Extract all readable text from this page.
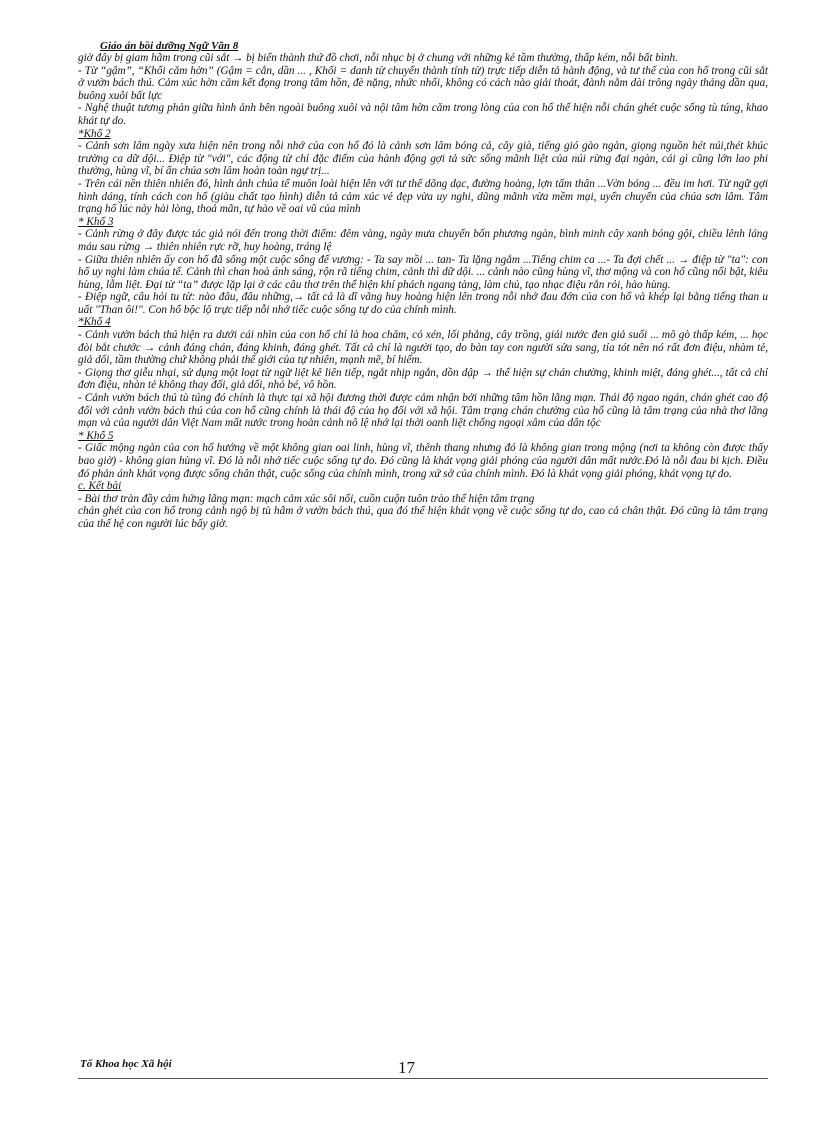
Giáo án bồi dưỡng Ngữ Văn 8

giờ đây bị giam hãm trong cũi sắt → bị biến thành thứ đồ chơi, nỗi nhục bị ở chung với những kẻ tầm thường, thấp kém, nỗi bất bình.

- Từ “gậm”, “Khối căm hờn” (Gậm = cắn, dần ... , Khối = danh từ chuyển thành tính từ) trực tiếp diễn tả hành động, và tư thế của con hổ trong cũi sắt ở vườn bách thú. Cảm xúc hờn căm kết đọng trong tâm hồn, đè nặng, nhức nhối, không có cách nào giải thoát, đành nằm dài trông ngày tháng dần qua, buông xuôi bất lực

- Nghệ thuật tương phản giữa hình ảnh bên ngoài buông xuôi và nội tâm hờn căm trong lòng của con hổ thể hiện nỗi chán ghét cuộc sống tù túng, khao khát tự do.

*Khổ 2

- Cảnh sơn lâm ngày xưa hiện nên trong nỗi nhớ của con hổ đó là cảnh sơn lâm bóng cả, cây già, tiếng gió gào ngàn, giọng nguồn hét núi,thét khúc trường ca dữ dội... Điệp từ "với", các động từ chỉ đặc điểm của hành động gợi tả sức sống mãnh liệt của núi rừng đại ngàn, cái gì cũng lớn lao phi thường, hùng vĩ, bí ẩn chúa sơn lâm hoàn toàn ngự trị...

- Trên cái nền thiên nhiên đó, hình ảnh chúa tể muôn loài hiện lên với tư thế dõng dạc, đường hoàng, lợn tấm thân ...Vờn bóng ... đều im hơi. Từ ngữ gợi hình dáng, tính cách con hổ (giàu chất tạo hình) diễn tả cảm xúc vẻ đẹp vừa uy nghi, dũng mãnh vừa mềm mại, uyển chuyển của chúa sơn lâm. Tâm trạng hổ lúc này hài lòng, thoả mãn, tự hào về oai vũ của mình

* Khổ 3

- Cảnh rừng ở đây được tác giả nói đến trong thời điểm: đêm vàng, ngày mưa chuyển bốn phương ngàn, bình minh cây xanh bóng gội, chiều lênh láng máu sau rừng → thiên nhiên rực rỡ, huy hoàng, tráng lệ

- Giữa thiên nhiên ấy con hổ đã sống một cuộc sống đế vương: - Ta say mồi ... tan- Ta lặng ngắm ...Tiếng chim ca ...- Ta đợi chết ... → điệp từ "ta": con hổ uy nghi làm chúa tể. Cảnh thì chan hoà ánh sáng, rộn rã tiếng chim, cảnh thì dữ dội. ... cảnh nào cũng hùng vĩ, thơ mộng và con hổ cũng nổi bật, kiêu hùng, lẫm liệt. Đại từ “ta” được lặp lại ở các câu thơ trên thể hiện khí phách ngang tàng, làm chủ, tạo nhạc điệu rắn rỏi, hào hùng.

- Điệp ngữ, câu hỏi tu từ: nào đâu, đâu những,→ tất cả là dĩ vãng huy hoàng hiện lên trong nỗi nhớ đau đớn của con hổ và khép lại bằng tiếng than u uất "Than ôi!". Con hổ bộc lộ trực tiếp nỗi nhớ tiếc cuộc sống tự do của chính mình.

*Khổ 4

- Cảnh vườn bách thú hiện ra dưới cái nhìn của con hổ chỉ là hoa chăm, cỏ xén, lối phẳng, cây trồng, giải nước đen giả suối ... mô gò thấp kém, ... học đòi bắt chước → cảnh đáng chán, đáng khinh, đáng ghét. Tất cả chỉ là người tạo, do bàn tay con người sửa sang, tỉa tót nên nó rất đơn điệu, nhàm tẻ, giả dối, tầm thường chứ không phải thế giới của tự nhiên, mạnh mẽ, bí hiểm.

- Giọng thơ giễu nhại, sử dụng một loạt từ ngữ liệt kê liên tiếp, ngắt nhịp ngắn, dồn dập → thể hiện sự chán chường, khinh miệt, đáng ghét..., tất cả chỉ đơn điệu, nhàn tẻ không thay đổi, giả dối, nhỏ bé, vô hồn.

- Cảnh vườn bách thú tù túng đó chính là thực tại xã hội đương thời được cảm nhận bởi những tâm hồn lãng mạn. Thái độ ngao ngán, chán ghét cao độ đối với cảnh vườn bách thú của con hổ cũng chính là thái độ của họ đối với xã hội. Tâm trạng chán chường của hổ cũng là tâm trạng của nhà thơ lãng mạn và của người dân Việt Nam mất nước trong hoàn cảnh nô lệ nhớ lại thời oanh liệt chống ngoại xâm của dân tộc

* Khổ 5

- Giấc mộng ngàn của con hổ hướng về một không gian oai linh, hùng vĩ, thênh thang nhưng đó là không gian trong mộng (nơi ta không còn được thấy bao giờ) - không gian hùng vĩ. Đó là nỗi nhớ tiếc cuộc sống tự do. Đó cũng là khát vọng giải phóng của người dân mất nước.Đó là nỗi đau bi kịch. Điều đó phản ánh khát vọng được sống chân thật, cuộc sống của chính mình, trong xứ sở của chính mình. Đó là khát vọng giải phóng, khát vọng tự do.

c. Kết bài

- Bài thơ tràn đầy cảm hứng lãng mạn: mạch cảm xúc sôi nổi, cuồn cuộn tuôn trào thể hiện tâm trạng

chán ghét của con hổ trong cảnh ngộ bị tù hãm ở vườn bách thú, qua đó thể hiện khát vọng về cuộc sống tự do, cao cả chân thật. Đó cũng là tâm trạng của thế hệ con người lúc bấy giờ.

Tổ Khoa học Xã hội	17
